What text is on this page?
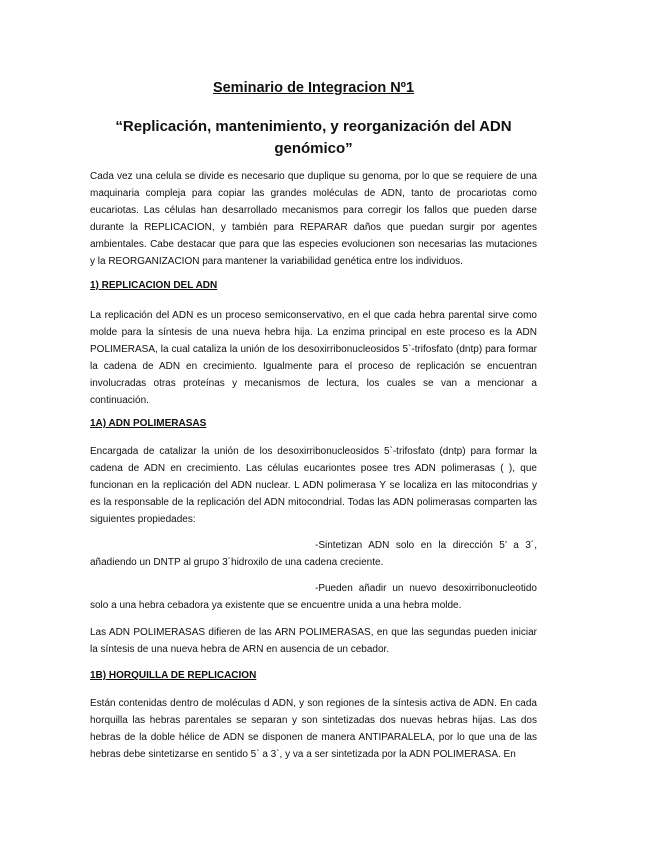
Seminario de Integracion Nº1
“Replicación, mantenimiento, y reorganización del ADN genómico”

Cada vez una celula se divide es necesario que duplique su genoma, por lo que se requiere de una maquinaria compleja para copiar las grandes moléculas de ADN, tanto de procariotas como eucariotas. Las células han desarrollado mecanismos para corregir los fallos que pueden darse durante la REPLICACION, y también para REPARAR daños que puedan surgir por agentes ambientales. Cabe destacar que para que las especies evolucionen son necesarias las mutaciones y la REORGANIZACION para mantener la variabilidad genética entre los individuos.

1) REPLICACION DEL ADN

La replicación del ADN es un proceso semiconservativo, en el que cada hebra parental sirve como molde para la síntesis de una nueva hebra hija. La enzima principal en este proceso es la ADN POLIMERASA, la cual cataliza la unión de los desoxirribonucleosidos 5`-trifosfato (dntp) para formar la cadena de ADN en crecimiento. Igualmente para el proceso de replicación se encuentran involucradas otras proteínas y mecanismos de lectura, los cuales se van a mencionar a continuación.

1A) ADN POLIMERASAS

Encargada de catalizar la unión de los desoxirribonucleosidos 5`-trifosfato (dntp) para formar la cadena de ADN en crecimiento. Las células eucariontes posee tres ADN polimerasas ( ), que funcionan en la replicación del ADN nuclear. L ADN polimerasa Y se localiza en las mitocondrias y es la responsable de la replicación del ADN mitocondrial. Todas las ADN polimerasas comparten las siguientes propiedades:

-Sintetizan ADN solo en la dirección 5’ a 3´, añadiendo un DNTP al grupo 3´hidroxilo de una cadena creciente.

-Pueden añadir un nuevo desoxirribonucleotido solo a una hebra cebadora ya existente que se encuentre unida a una hebra molde.

Las ADN POLIMERASAS difieren de las ARN POLIMERASAS, en que las segundas pueden iniciar la síntesis de una nueva hebra de ARN en ausencia de un cebador.

1B) HORQUILLA DE REPLICACION

Están contenidas dentro de moléculas d ADN, y son regiones de la síntesis activa de ADN. En cada horquilla las hebras parentales se separan y son sintetizadas dos nuevas hebras hijas. Las dos hebras de la doble hélice de ADN se disponen de manera ANTIPARALELA, por lo que una de las hebras debe sintetizarse en sentido 5` a 3`, y va a ser sintetizada por la ADN POLIMERASA. En
